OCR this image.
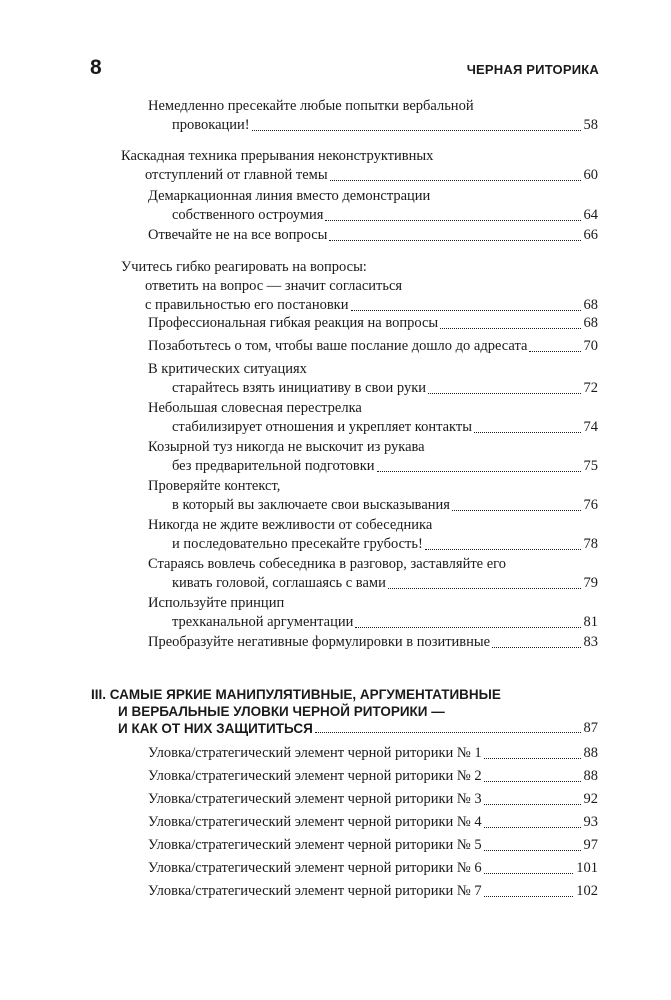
8	ЧЕРНАЯ РИТОРИКА
Немедленно пресекайте любые попытки вербальной
провокации!	58
Каскадная техника прерывания неконструктивных
отступлений от главной темы	60
Демаркационная линия вместо демонстрации
собственного остроумия	64
Отвечайте не на все вопросы	66
Учитесь гибко реагировать на вопросы:
ответить на вопрос — значит согласиться
с правильностью его постановки	68
Профессиональная гибкая реакция на вопросы	68
Позаботьтесь о том, чтобы ваше послание дошло до адресата	70
В критических ситуациях
старайтесь взять инициативу в свои руки	72
Небольшая словесная перестрелка
стабилизирует отношения и укрепляет контакты	74
Козырной туз никогда не выскочит из рукава
без предварительной подготовки	75
Проверяйте контекст,
в который вы заключаете свои высказывания	76
Никогда не ждите вежливости от собеседника
и последовательно пресекайте грубость!	78
Стараясь вовлечь собеседника в разговор, заставляйте его
кивать головой, соглашаясь с вами	79
Используйте принцип
трехканальной аргументации	81
Преобразуйте негативные формулировки в позитивные	83
III. САМЫЕ ЯРКИЕ МАНИПУЛЯТИВНЫЕ, АРГУМЕНТАТИВНЫЕ
И ВЕРБАЛЬНЫЕ УЛОВКИ ЧЕРНОЙ РИТОРИКИ —
И КАК ОТ НИХ ЗАЩИТИТЬСЯ	87
Уловка/стратегический элемент черной риторики № 1	88
Уловка/стратегический элемент черной риторики № 2	88
Уловка/стратегический элемент черной риторики № 3	92
Уловка/стратегический элемент черной риторики № 4	93
Уловка/стратегический элемент черной риторики № 5	97
Уловка/стратегический элемент черной риторики № 6	101
Уловка/стратегический элемент черной риторики № 7	102
